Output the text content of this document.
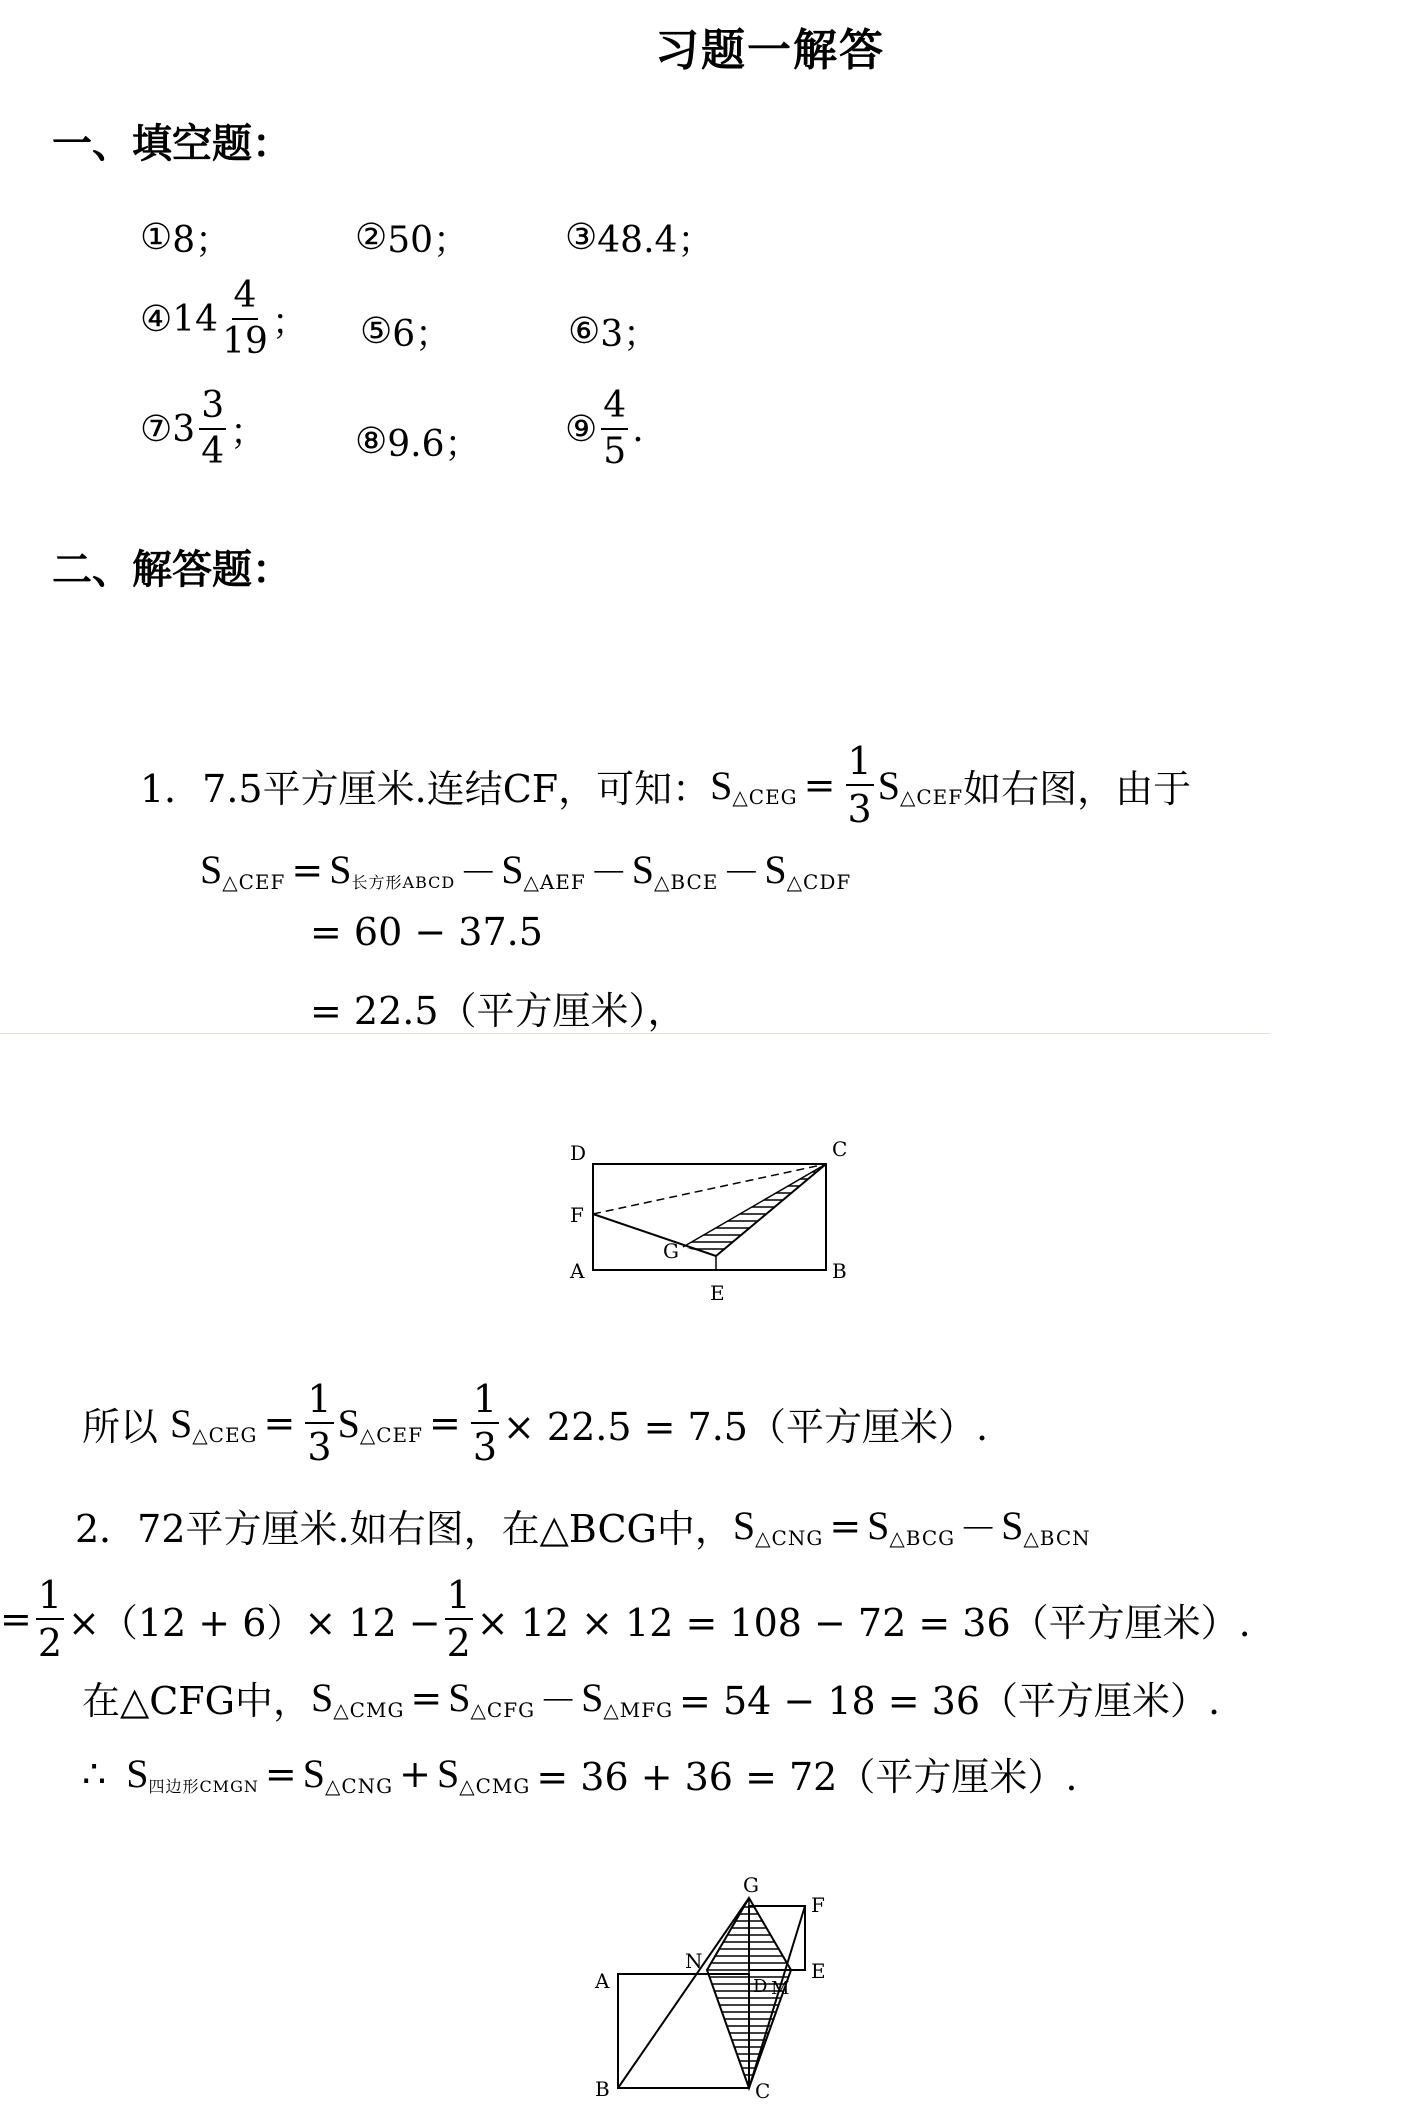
习题一解答
一、填空题：
① 8；	② 50；	③ 48.4；
④ $14 \frac{4}{19}$ ； ⑤ 6；	⑥ 3；
⑦ $3 \frac{3}{4}$ ； ⑧ 9.6； ⑨ $\frac{4}{5}$ .
二、解答题：
1．7.5平方厘米.连结CF，可知： S △CEG = $\frac{1}{3}$ S △CEF 如右图，由于
S △CEF = S 长方形ABCD － S △AEF － S △BCE － S △CDF
= 60 − 37.5
= 22.5（平方厘米），
D	C
F
A
G
B
E
所以 S △CEG = $\frac{1}{3}$ S △CEF = $\frac{1}{3} \times 22.5 = 7.5$（平方厘米）.
2．72平方厘米.如右图，在△BCG中， S △CNG = S △BCG － S △BCN
= $\frac{1}{2} \times(12 + 6)\times 12 - \frac{1}{2} \times 12 \times 12 = 108 - 72 = 36$（平方厘米）.
在△CFG中， S △CMG = S △CFG － S △MFG = 54 − 18 = 36（平方厘米）.
∴ S 四边形CMGN = S △CNG + S △CMG = 36 + 36 = 72（平方厘米）.
G
F
N
A	D M
E
B	C
